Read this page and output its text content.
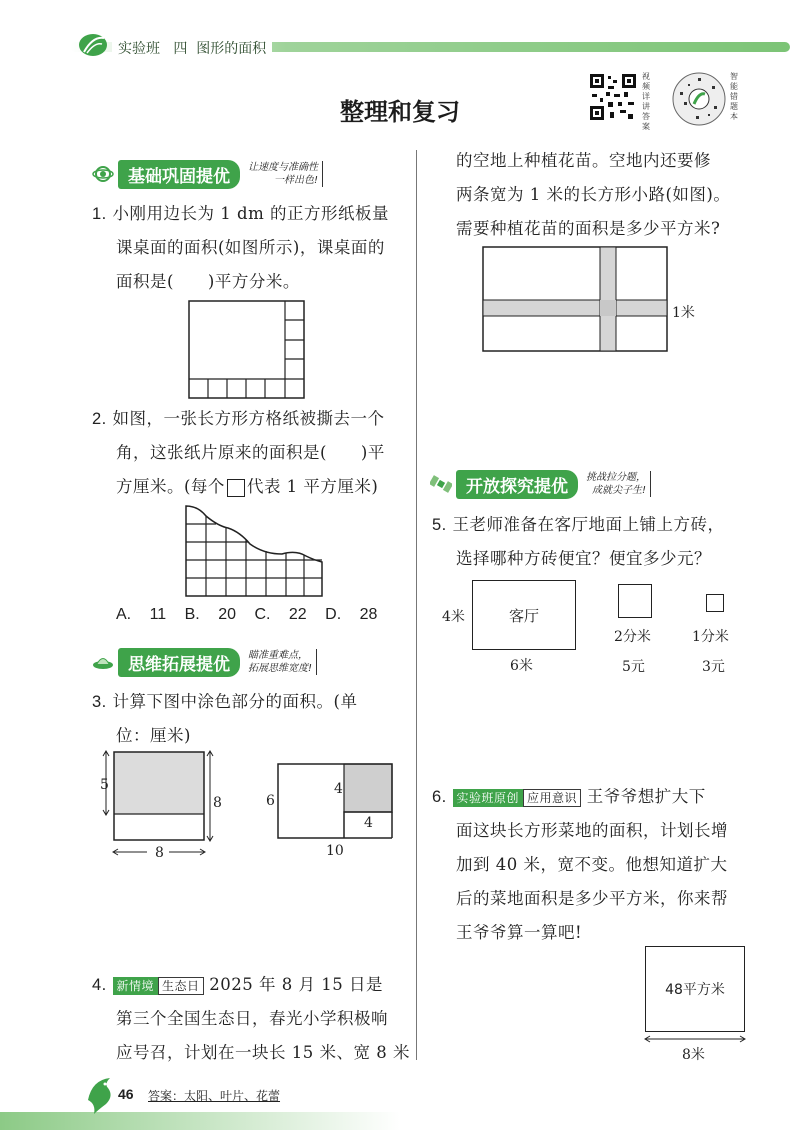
实验班 四 图形的面积
整理和复习
视频详讲答案
智能错题本
基础巩固提优	让速度与准确性
一样出色!
1. 小刚用边长为 1 dm 的正方形纸板量
课桌面的面积(如图所示)，课桌面的
面积是(　　)平方分米。
2. 如图，一张长方形方格纸被撕去一个
角，这张纸片原来的面积是(　　)平
方厘米。(每个 代表 1 平方厘米)
A. 11 B. 20 C. 22 D. 28
思维拓展提优	瞄准重难点，
拓展思维宽度!
3. 计算下图中涂色部分的面积。(单
位：厘米)
5
8
8
6
4
4
10
4. 新情境 生态日 2025 年 8 月 15 日是
第三个全国生态日，春光小学积极响
应号召，计划在一块长 15 米、宽 8 米
的空地上种植花苗。空地内还要修
两条宽为 1 米的长方形小路(如图)。
需要种植花苗的面积是多少平方米?
1米
开放探究提优	挑战拉分题，
成就尖子生!
5. 王老师准备在客厅地面上铺上方砖，
选择哪种方砖便宜？便宜多少元？
客厅
4米
6米
2分米
5元
1分米
3元
6. 实验班原创 应用意识 王爷爷想扩大下
面这块长方形菜地的面积，计划长增
加到 40 米，宽不变。他想知道扩大
后的菜地面积是多少平方米，你来帮
王爷爷算一算吧!
48平方米
8米
46 答案：太阳、叶片、花蕾
